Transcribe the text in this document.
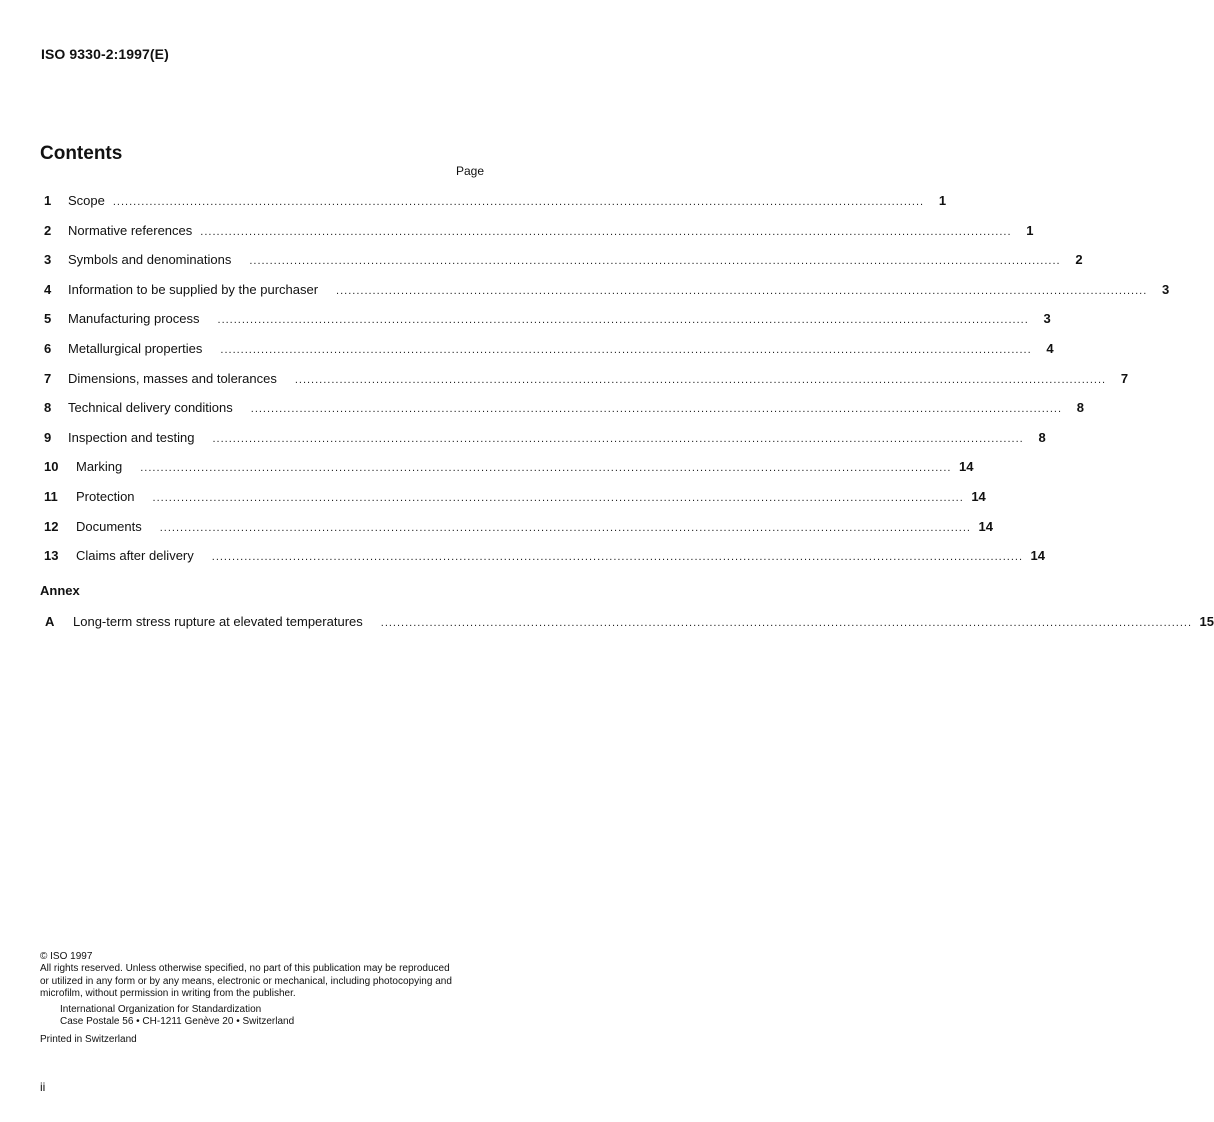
ISO 9330-2:1997(E)
Contents
Page
1	Scope ........................................................................................................................................................................................................	1
2	Normative references ........................................................................................................................................................................................................	1
3	Symbols and denominations ........................................................................................................................................................................................................	2
4	Information to be supplied by the purchaser ........................................................................................................................................................................................................	3
5	Manufacturing process ........................................................................................................................................................................................................	3
6	Metallurgical properties ........................................................................................................................................................................................................	4
7	Dimensions, masses and tolerances ........................................................................................................................................................................................................	7
8	Technical delivery conditions ........................................................................................................................................................................................................	8
9	Inspection and testing ........................................................................................................................................................................................................	8
10	Marking ........................................................................................................................................................................................................ 14
11	Protection ........................................................................................................................................................................................................ 14
12	Documents ........................................................................................................................................................................................................ 14
13	Claims after delivery ........................................................................................................................................................................................................ 14
Annex
A	Long-term stress rupture at elevated temperatures ........................................................................................................................................................................................................ 15

© ISO 1997

All rights reserved. Unless otherwise specified, no part of this publication may be reproduced

or utilized in any form or by any means, electronic or mechanical, including photocopying and

microfilm, without permission in writing from the publisher.

International Organization for Standardization

Case Postale 56 • CH-1211 Genève 20 • Switzerland

Printed in Switzerland

ii
